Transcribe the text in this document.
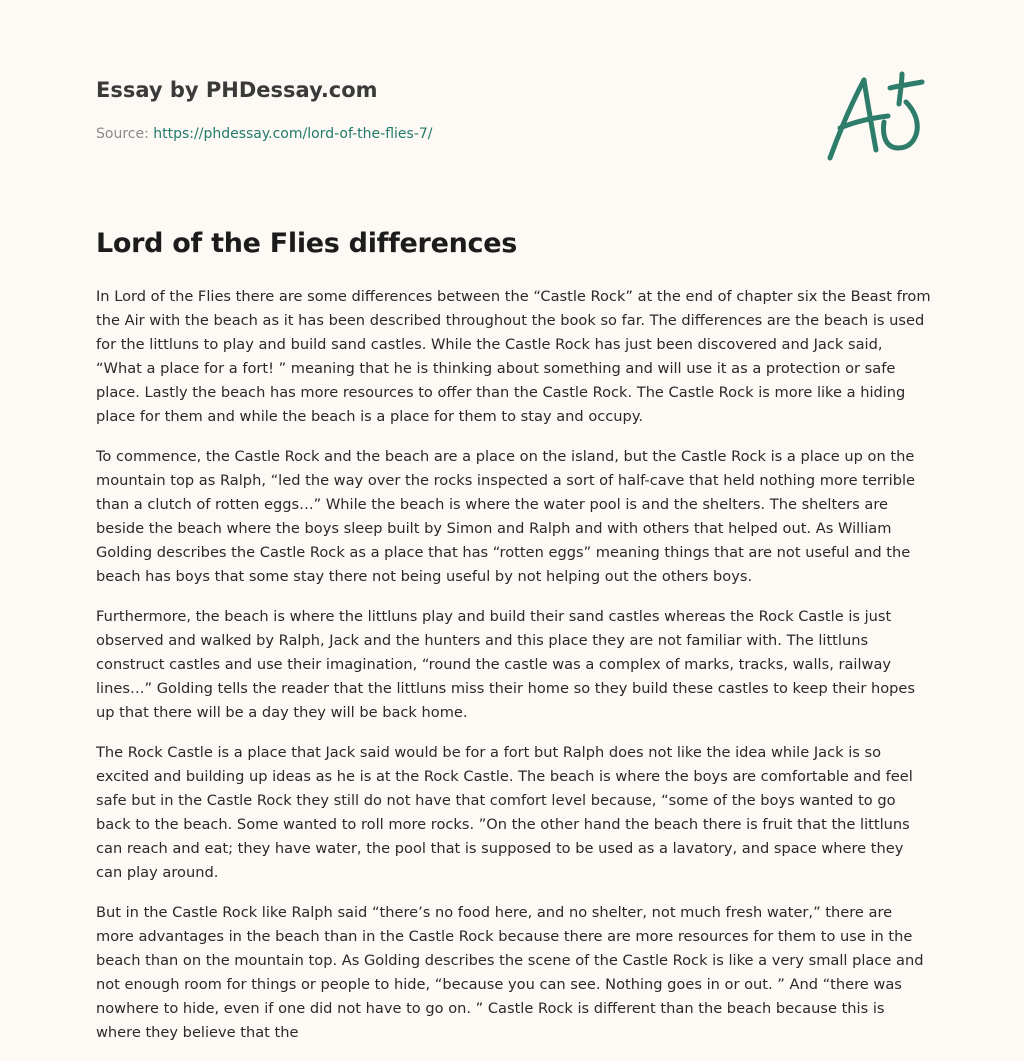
Essay by PHDessay.com
Source: https://phdessay.com/lord-of-the-flies-7/
Lord of the Flies differences

In Lord of the Flies there are some differences between the “Castle Rock” at the end of chapter six the Beast from the Air with the beach as it has been described throughout the book so far. The differences are the beach is used for the littluns to play and build sand castles. While the Castle Rock has just been discovered and Jack said, “What a place for a fort! ” meaning that he is thinking about something and will use it as a protection or safe place. Lastly the beach has more resources to offer than the Castle Rock. The Castle Rock is more like a hiding place for them and while the beach is a place for them to stay and occupy.

To commence, the Castle Rock and the beach are a place on the island, but the Castle Rock is a place up on the mountain top as Ralph, “led the way over the rocks inspected a sort of half-cave that held nothing more terrible than a clutch of rotten eggs…” While the beach is where the water pool is and the shelters. The shelters are beside the beach where the boys sleep built by Simon and Ralph and with others that helped out. As William Golding describes the Castle Rock as a place that has “rotten eggs” meaning things that are not useful and the beach has boys that some stay there not being useful by not helping out the others boys.

Furthermore, the beach is where the littluns play and build their sand castles whereas the Rock Castle is just observed and walked by Ralph, Jack and the hunters and this place they are not familiar with. The littluns construct castles and use their imagination, “round the castle was a complex of marks, tracks, walls, railway lines…” Golding tells the reader that the littluns miss their home so they build these castles to keep their hopes up that there will be a day they will be back home.

The Rock Castle is a place that Jack said would be for a fort but Ralph does not like the idea while Jack is so excited and building up ideas as he is at the Rock Castle. The beach is where the boys are comfortable and feel safe but in the Castle Rock they still do not have that comfort level because, “some of the boys wanted to go back to the beach. Some wanted to roll more rocks. ”On the other hand the beach there is fruit that the littluns can reach and eat; they have water, the pool that is supposed to be used as a lavatory, and space where they can play around.

But in the Castle Rock like Ralph said “there’s no food here, and no shelter, not much fresh water,” there are more advantages in the beach than in the Castle Rock because there are more resources for them to use in the beach than on the mountain top. As Golding describes the scene of the Castle Rock is like a very small place and not enough room for things or people to hide, “because you can see. Nothing goes in or out. ” And “there was nowhere to hide, even if one did not have to go on. ” Castle Rock is different than the beach because this is where they believe that the
